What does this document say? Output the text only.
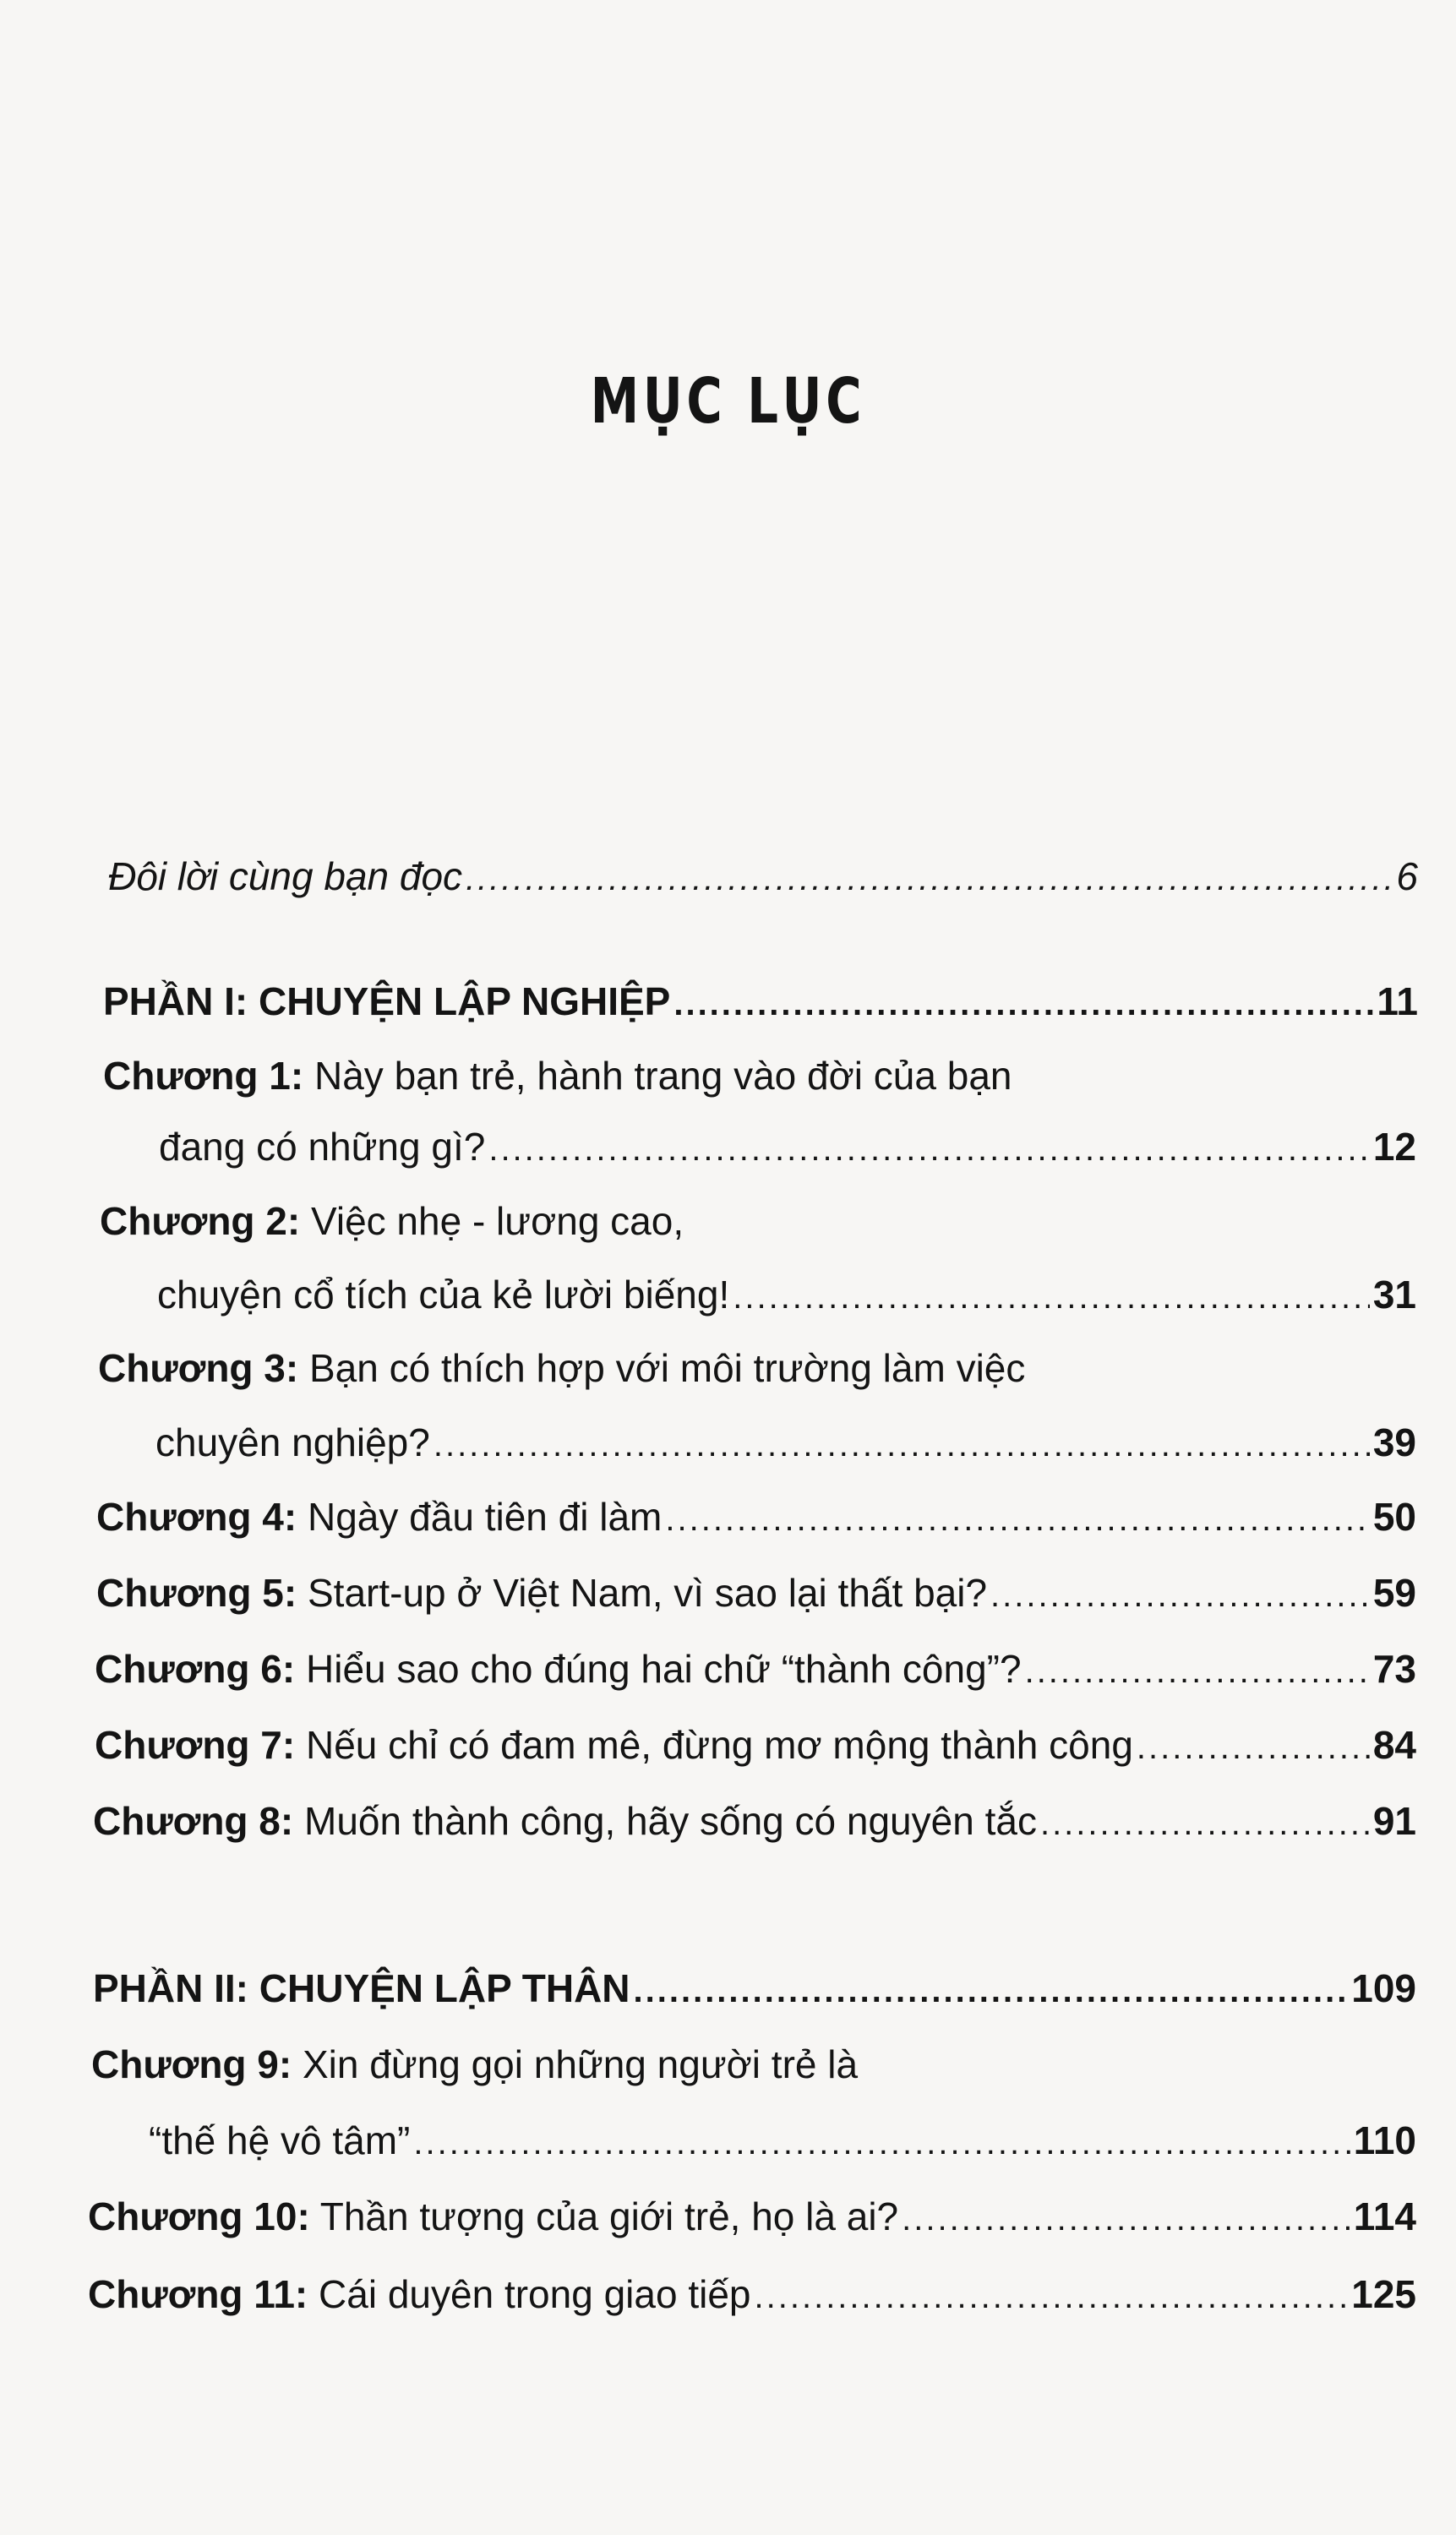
MỤC LỤC
Đôi lời cùng bạn đọc .....	6
PHẦN I: CHUYỆN LẬP NGHIỆP .....	11
Chương 1: Này bạn trẻ, hành trang vào đời của bạn
đang có những gì? .....	12
Chương 2: Việc nhẹ - lương cao,
chuyện cổ tích của kẻ lười biếng! .....	31
Chương 3: Bạn có thích hợp với môi trường làm việc
chuyên nghiệp? .....	39
Chương 4: Ngày đầu tiên đi làm .....	50
Chương 5: Start-up ở Việt Nam, vì sao lại thất bại? .....	59
Chương 6: Hiểu sao cho đúng hai chữ “thành công”? .....	73
Chương 7: Nếu chỉ có đam mê, đừng mơ mộng thành công .....	84
Chương 8: Muốn thành công, hãy sống có nguyên tắc .....	91
PHẦN II: CHUYỆN LẬP THÂN .....	109
Chương 9: Xin đừng gọi những người trẻ là
“thế hệ vô tâm” .....	110
Chương 10: Thần tượng của giới trẻ, họ là ai? .....	114
Chương 11: Cái duyên trong giao tiếp .....	125
